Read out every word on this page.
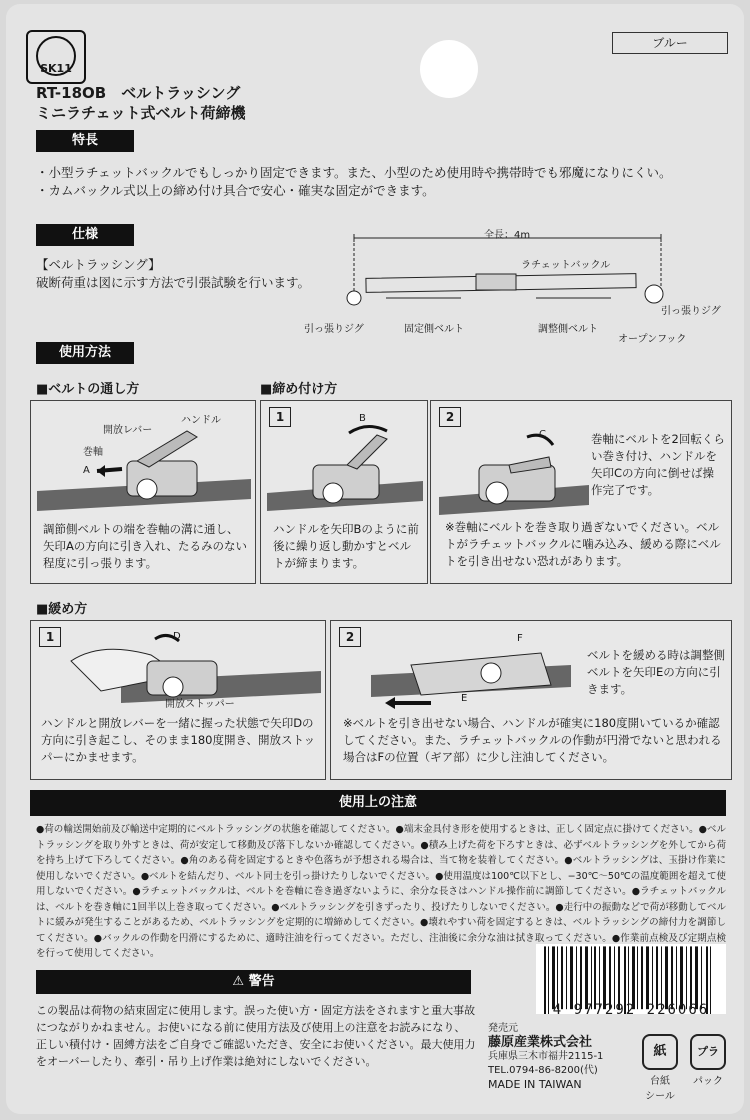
SK11
ブルー
RT-18OB　ベルトラッシング
ミニラチェット式ベルト荷締機
特長
・小型ラチェットバックルでもしっかり固定できます。また、小型のため使用時や携帯時でも邪魔になりにくい。
・カムバックル式以上の締め付け具合で安心・確実な固定ができます。
仕様
【ベルトラッシング】
破断荷重は図に示す方法で引張試験を行います。
全長：4m
ラチェットバックル
引っ張りジグ
引っ張りジグ	固定側ベルト	調整側ベルト
オープンフック
使用方法
■ベルトの通し方	■締め付け方
ハンドル
開放レバー
巻軸
A
調節側ベルトの端を巻軸の溝に通し、矢印Aの方向に引き入れ、たるみのない程度に引っ張ります。
1	B
ハンドルを矢印Bのように前後に繰り返し動かすとベルトが締まります。
2
C	巻軸にベルトを2回転くらい巻き付け、ハンドルを矢印Cの方向に倒せば操作完了です。
※巻軸にベルトを巻き取り過ぎないでください。ベルトがラチェットバックルに噛み込み、緩める際にベルトを引き出せない恐れがあります。
■緩め方
1	D
開放ストッパー
ハンドルと開放レバーを一緒に握った状態で矢印Dの方向に引き起こし、そのまま180度開き、開放ストッパーにかませます。
2	F
E
ベルトを緩める時は調整側ベルトを矢印Eの方向に引きます。
※ベルトを引き出せない場合、ハンドルが確実に180度開いているか確認してください。また、ラチェットバックルの作動が円滑でないと思われる場合はFの位置（ギア部）に少し注油してください。
使用上の注意
●荷の輸送開始前及び輸送中定期的にベルトラッシングの状態を確認してください。●端末金具付き形を使用するときは、正しく固定点に掛けてください。●ベルトラッシングを取り外すときは、荷が安定して移動及び落下しないか確認してください。●積み上げた荷を下ろすときは、必ずベルトラッシングを外してから荷を持ち上げて下ろしてください。●角のある荷を固定するときや色落ちが予想される場合は、当て物を装着してください。●ベルトラッシングは、玉掛け作業に使用しないでください。●ベルトを結んだり、ベルト同士を引っ掛けたりしないでください。●使用温度は100℃以下とし、−30℃〜50℃の温度範囲を超えて使用しないでください。●ラチェットバックルは、ベルトを巻軸に巻き過ぎないように、余分な長さはハンドル操作前に調節してください。●ラチェットバックルは、ベルトを巻き軸に1回半以上巻き取ってください。●ベルトラッシングを引きずったり、投げたりしないでください。●走行中の振動などで荷が移動してベルトに緩みが発生することがあるため、ベルトラッシングを定期的に増締めしてください。●壊れやすい荷を固定するときは、ベルトラッシングの締付力を調節してください。●バックルの作動を円滑にするために、適時注油を行ってください。ただし、注油後に余分な油は拭き取ってください。●作業前点検及び定期点検を行って使用してください。
⚠ 警告
この製品は荷物の結束固定に使用します。誤った使い方・固定方法をされますと重大事故につながりかねません。お使いになる前に使用方法及び使用上の注意をお読みになり、正しい積付け・固縛方法をご自身でご確認いただき、安全にお使いください。最大使用力をオーバーしたり、牽引・吊り上げ作業は絶対にしないでください。
4 977292 226066
発売元
藤原産業株式会社
兵庫県三木市福井2115-1
TEL.0794-86-8200(代)
MADE IN TAIWAN
紙
台紙
シール
プラ
パック
